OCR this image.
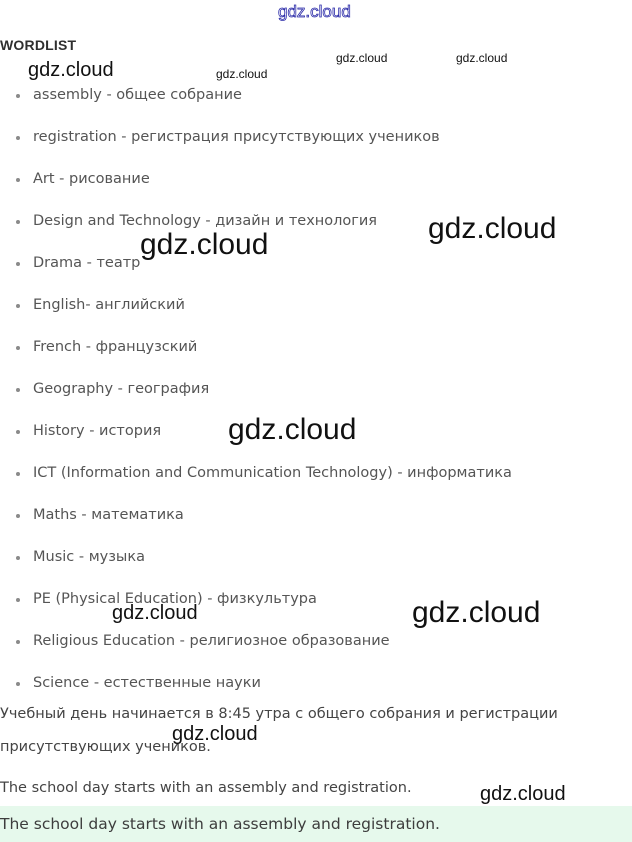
gdz.cloud
WORDLIST
assembly - общее собрание
registration - регистрация присутствующих учеников
Art - рисование
Design and Technology - дизайн и технология
Drama - театр
English- английский
French - французский
Geography - география
History - история
ICT (Information and Communication Technology) - информатика
Maths - математика
Music - музыка
PE (Physical Education) - физкультура
Religious Education - религиозное образование
Science - естественные науки
Учебный день начинается в 8:45 утра с общего собрания и регистрации
присутствующих учеников.
The school day starts with an assembly and registration.
The school day starts with an assembly and registration.
gdz.cloud	gdz.cloud
gdz.cloud	gdz.cloud
gdz.cloud
gdz.cloud
gdz.cloud
gdz.cloud
gdz.cloud
gdz.cloud
gdz.cloud
